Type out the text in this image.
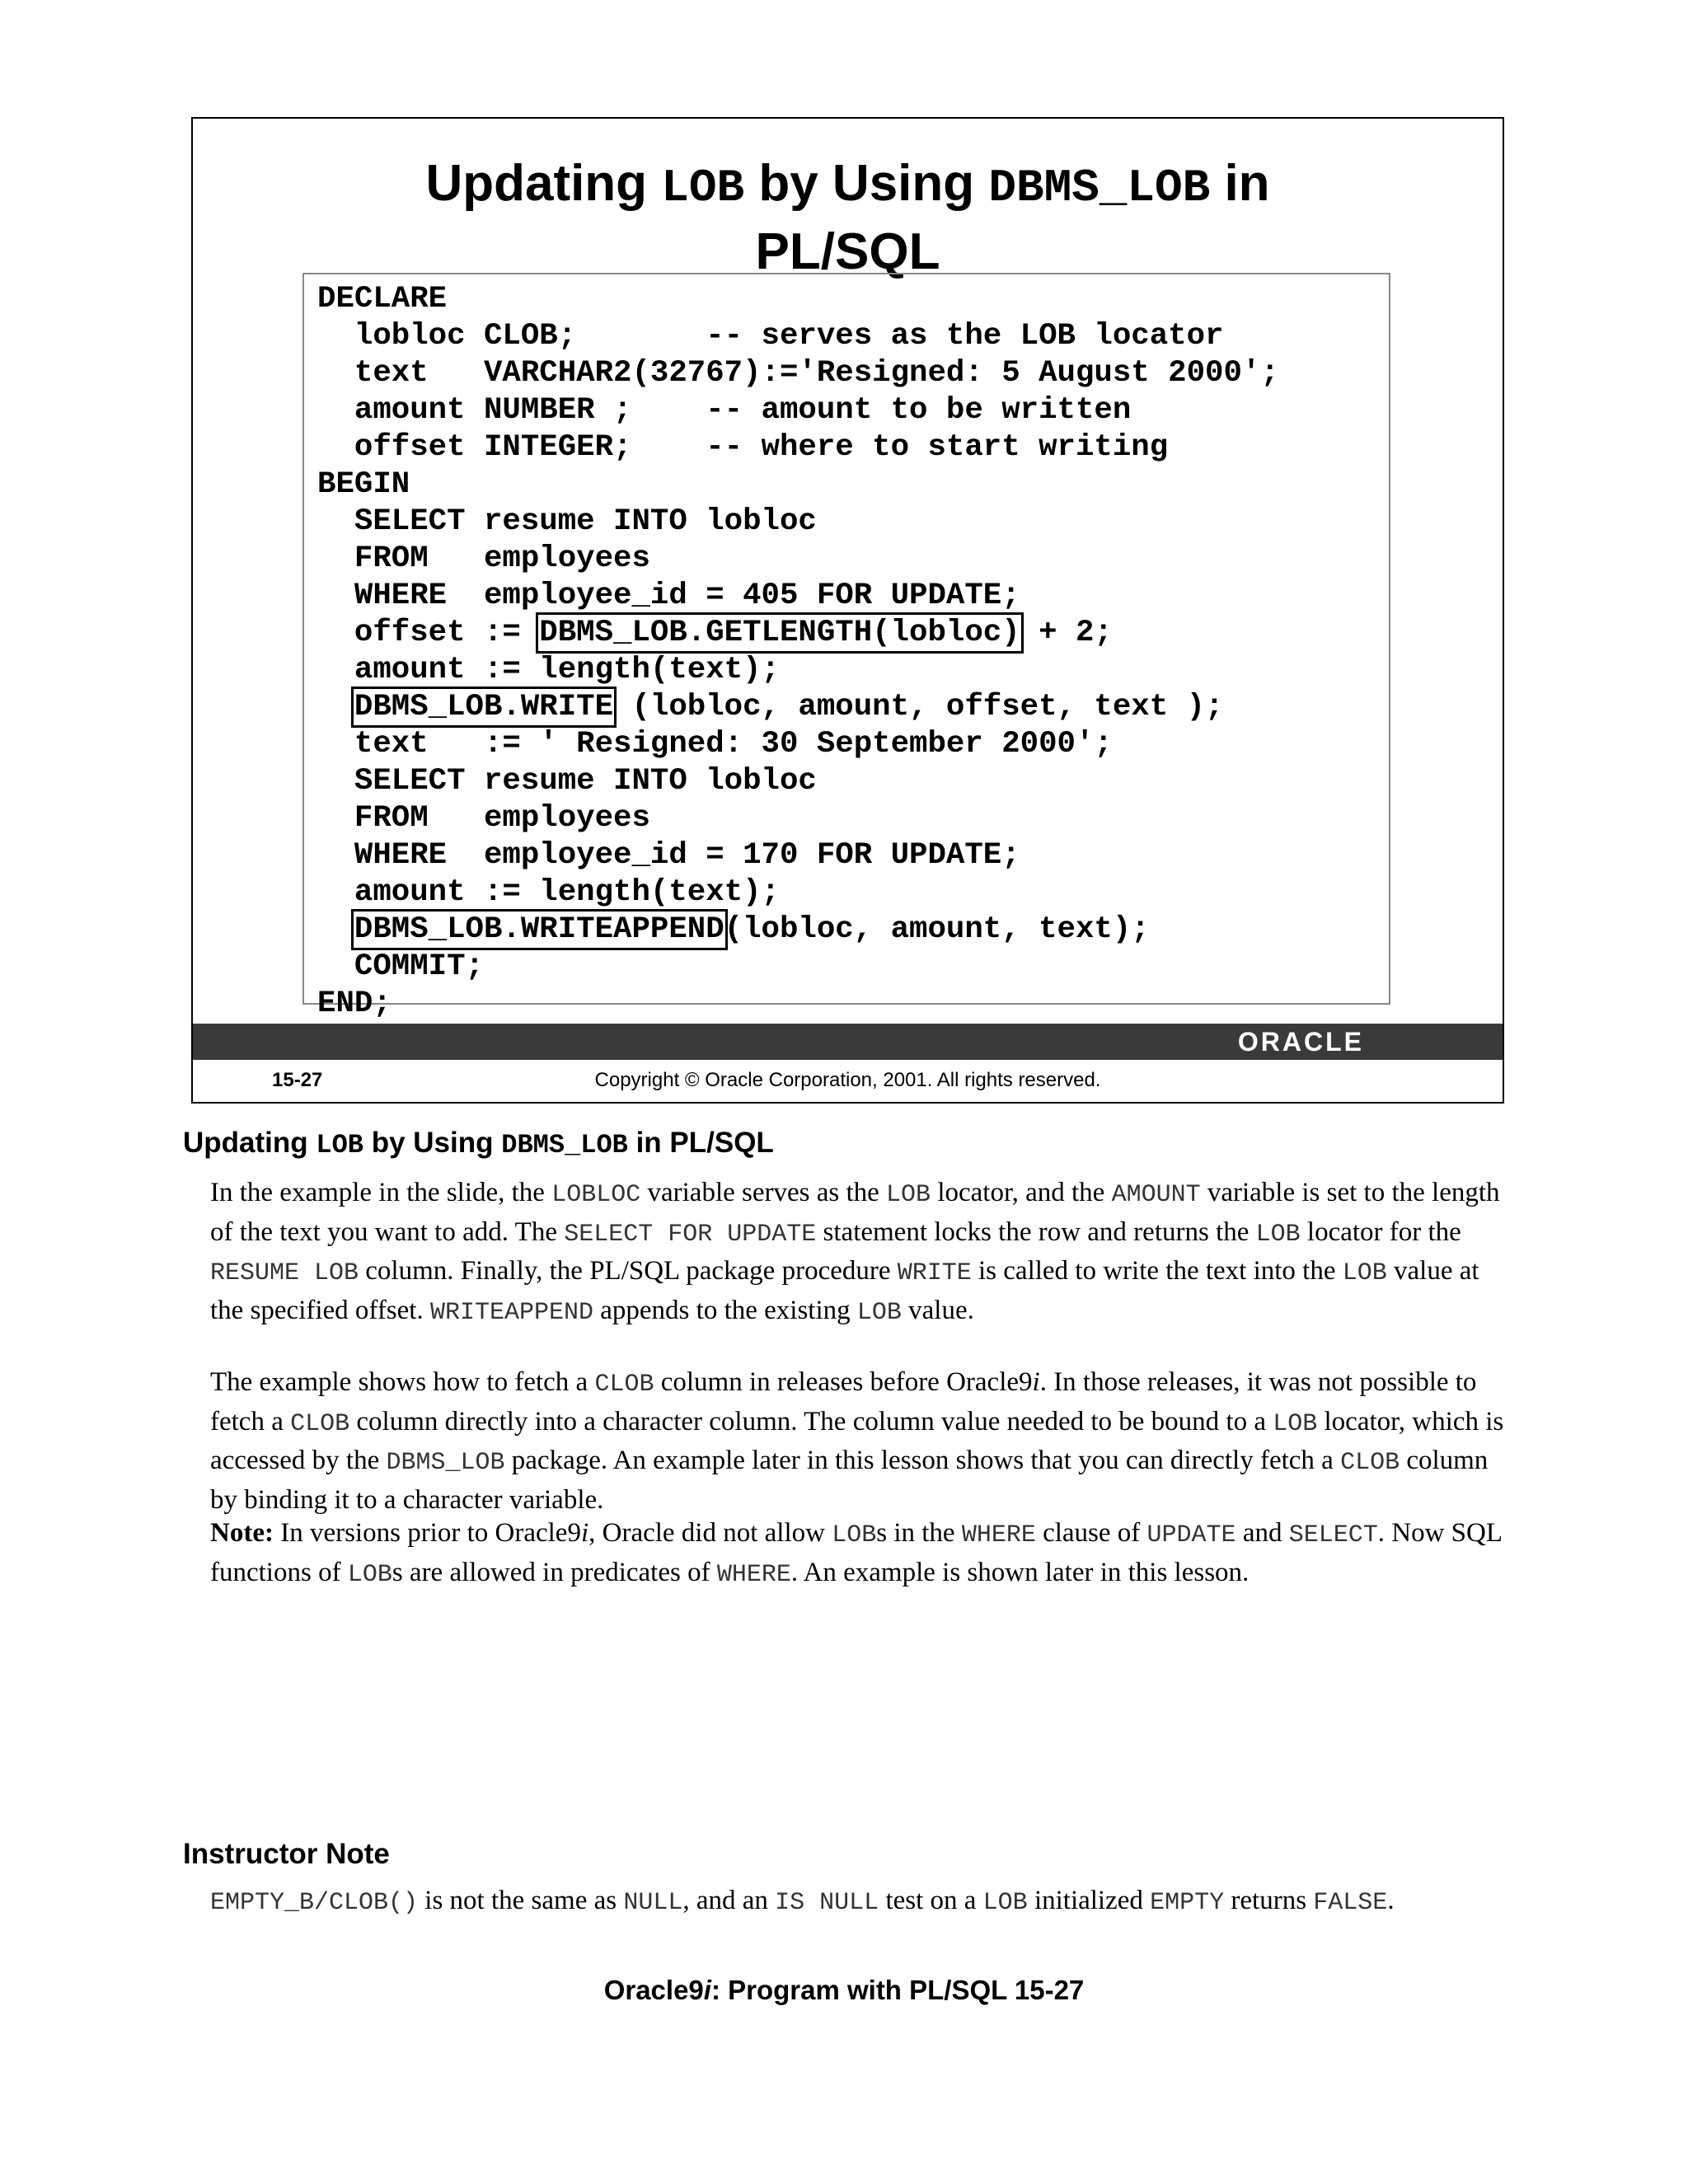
Updating LOB by Using DBMS_LOB in
PL/SQL
DECLARE
lobloc CLOB;       -- serves as the LOB locator
text   VARCHAR2(32767):='Resigned: 5 August 2000';
amount NUMBER ;    -- amount to be written
offset INTEGER;    -- where to start writing
BEGIN
SELECT resume INTO lobloc
FROM   employees
WHERE  employee_id = 405 FOR UPDATE;
offset := DBMS_LOB.GETLENGTH(lobloc) + 2;
amount := length(text);
DBMS_LOB.WRITE (lobloc, amount, offset, text );
text   := ' Resigned: 30 September 2000';
SELECT resume INTO lobloc
FROM   employees
WHERE  employee_id = 170 FOR UPDATE;
amount := length(text);
DBMS_LOB.WRITEAPPEND(lobloc, amount, text);
COMMIT;
END;
ORACLE
15-27	Copyright © Oracle Corporation, 2001. All rights reserved.
Updating LOB by Using DBMS_LOB in PL/SQL

In the example in the slide, the LOBLOC variable serves as the LOB locator, and the AMOUNT variable is set to the length of the text you want to add. The SELECT FOR UPDATE statement locks the row and returns the LOB locator for the RESUME LOB column. Finally, the PL/SQL package procedure WRITE is called to write the text into the LOB value at the specified offset. WRITEAPPEND appends to the existing LOB value.

The example shows how to fetch a CLOB column in releases before Oracle9i. In those releases, it was not possible to fetch a CLOB column directly into a character column. The column value needed to be bound to a LOB locator, which is accessed by the DBMS_LOB package. An example later in this lesson shows that you can directly fetch a CLOB column by binding it to a character variable.

Note: In versions prior to Oracle9i, Oracle did not allow LOBs in the WHERE clause of UPDATE and SELECT. Now SQL functions of LOBs are allowed in predicates of WHERE. An example is shown later in this lesson.

Instructor Note

EMPTY_B/CLOB() is not the same as NULL, and an IS NULL test on a LOB initialized EMPTY returns FALSE.

Oracle9i: Program with PL/SQL 15-27
